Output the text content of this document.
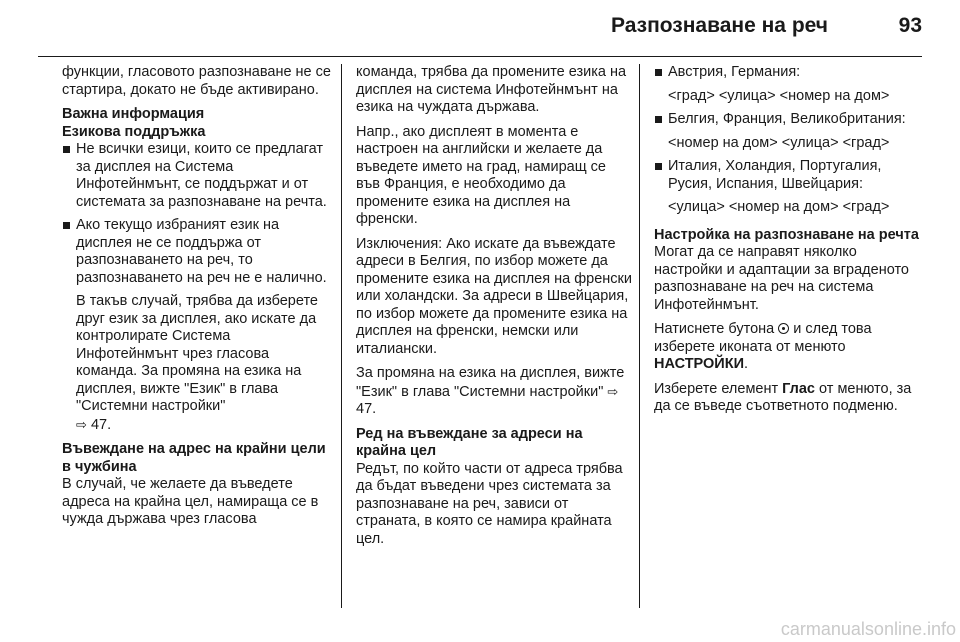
Разпознаване на реч	93

функции, гласовото разпознаване не се стартира, докато не бъде активирано.

Важна информация
Езикова поддръжка
Не всички езици, които се предлагат за дисплея на Система Инфотейнмънт, се поддържат и от системата за разпознаване на речта.
Ако текущо избраният език на дисплея не се поддържа от разпознаването на реч, то разпознаването на реч не е налично.

В такъв случай, трябва да изберете друг език за дисплея, ако искате да контролирате Система Инфотейнмънт чрез гласова команда. За промяна на езика на дисплея, вижте "Език" в глава "Системни настройки"
⇨ 47.

Въвеждане на адрес на крайни цели в чужбина

В случай, че желаете да въведете адреса на крайна цел, намираща се в чужда държава чрез гласова

команда, трябва да промените езика на дисплея на система Инфотейнмънт на езика на чуждата държава.

Напр., ако дисплеят в момента е настроен на английски и желаете да въведете името на град, намиращ се във Франция, е необходимо да промените езика на дисплея на френски.

Изключения: Ако искате да въвеждате адреси в Белгия, по избор можете да промените езика на дисплея на френски или холандски. За адреси в Швейцария, по избор можете да промените езика на дисплея на френски, немски или италиански.

За промяна на езика на дисплея, вижте "Език" в глава "Системни настройки" ⇨ 47.

Ред на въвеждане за адреси на крайна цел

Редът, по който части от адреса трябва да бъдат въведени чрез системата за разпознаване на реч, зависи от страната, в която се намира крайната цел.

Австрия, Германия:
<град> <улица> <номер на дом>
Белгия, Франция, Великобритания:
<номер на дом> <улица> <град>
Италия, Холандия, Португалия, Русия, Испания, Швейцария:
<улица> <номер на дом> <град>
Настройка на разпознаване на речта

Могат да се направят няколко настройки и адаптации за вграденото разпознаване на реч на система Инфотейнмънт.

Натиснете бутона и след това изберете иконата от менюто
НАСТРОЙКИ.

Изберете елемент Глас от менюто, за да се въведе съответното подменю.

carmanualsonline.info
